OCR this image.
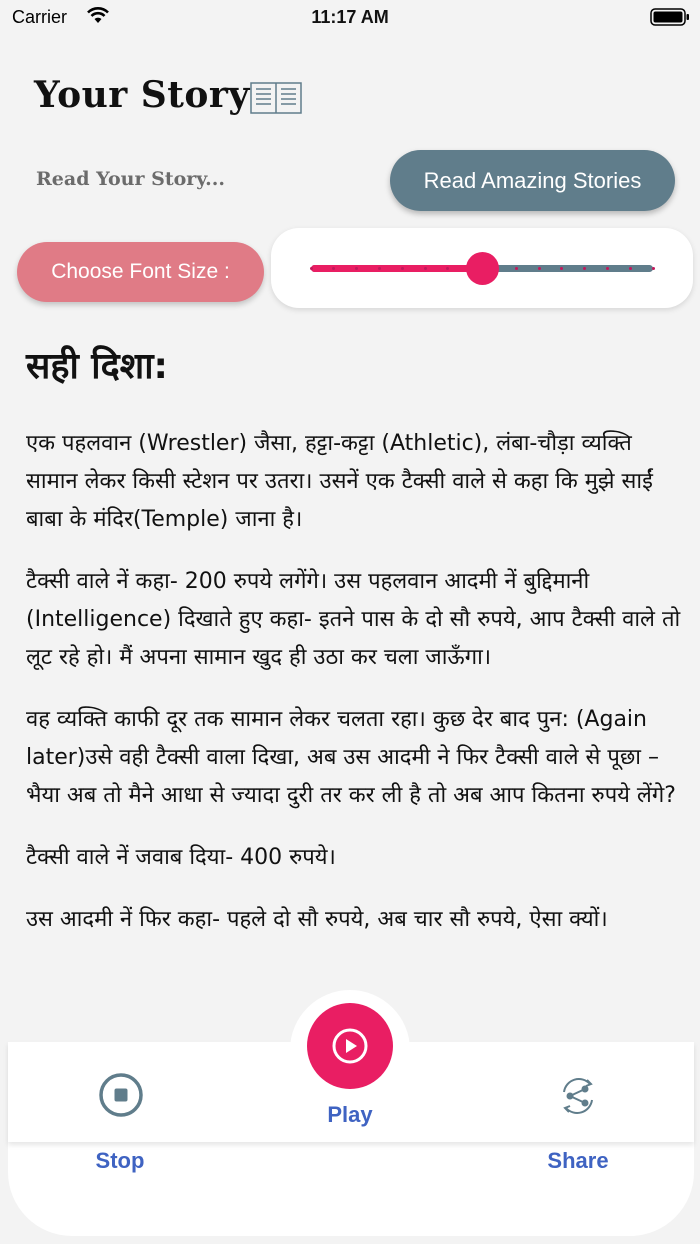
Carrier	11:17 AM
Your Story
Read Your Story...	Read Amazing Stories
Choose Font Size :
सही दिशा:

एक पहलवान (Wrestler) जैसा, हट्टा-कट्टा (Athletic), लंबा-चौड़ा व्यक्ति सामान लेकर किसी स्टेशन पर उतरा। उसनें एक टैक्सी वाले से कहा कि मुझे साईं बाबा के मंदिर(Temple) जाना है।

टैक्सी वाले नें कहा- 200 रुपये लगेंगे। उस पहलवान आदमी नें बुद्दिमानी (Intelligence) दिखाते हुए कहा- इतने पास के दो सौ रुपये, आप टैक्सी वाले तो लूट रहे हो। मैं अपना सामान खुद ही उठा कर चला जाऊँगा।

वह व्यक्ति काफी दूर तक सामान लेकर चलता रहा। कुछ देर बाद पुन: (Again later)उसे वही टैक्सी वाला दिखा, अब उस आदमी ने फिर टैक्सी वाले से पूछा – भैया अब तो मैने आधा से ज्यादा दुरी तर कर ली है तो अब आप कितना रुपये लेंगे?

टैक्सी वाले नें जवाब दिया- 400 रुपये।

उस आदमी नें फिर कहा- पहले दो सौ रुपये, अब चार सौ रुपये, ऐसा क्यों।

Stop
Play
Share
